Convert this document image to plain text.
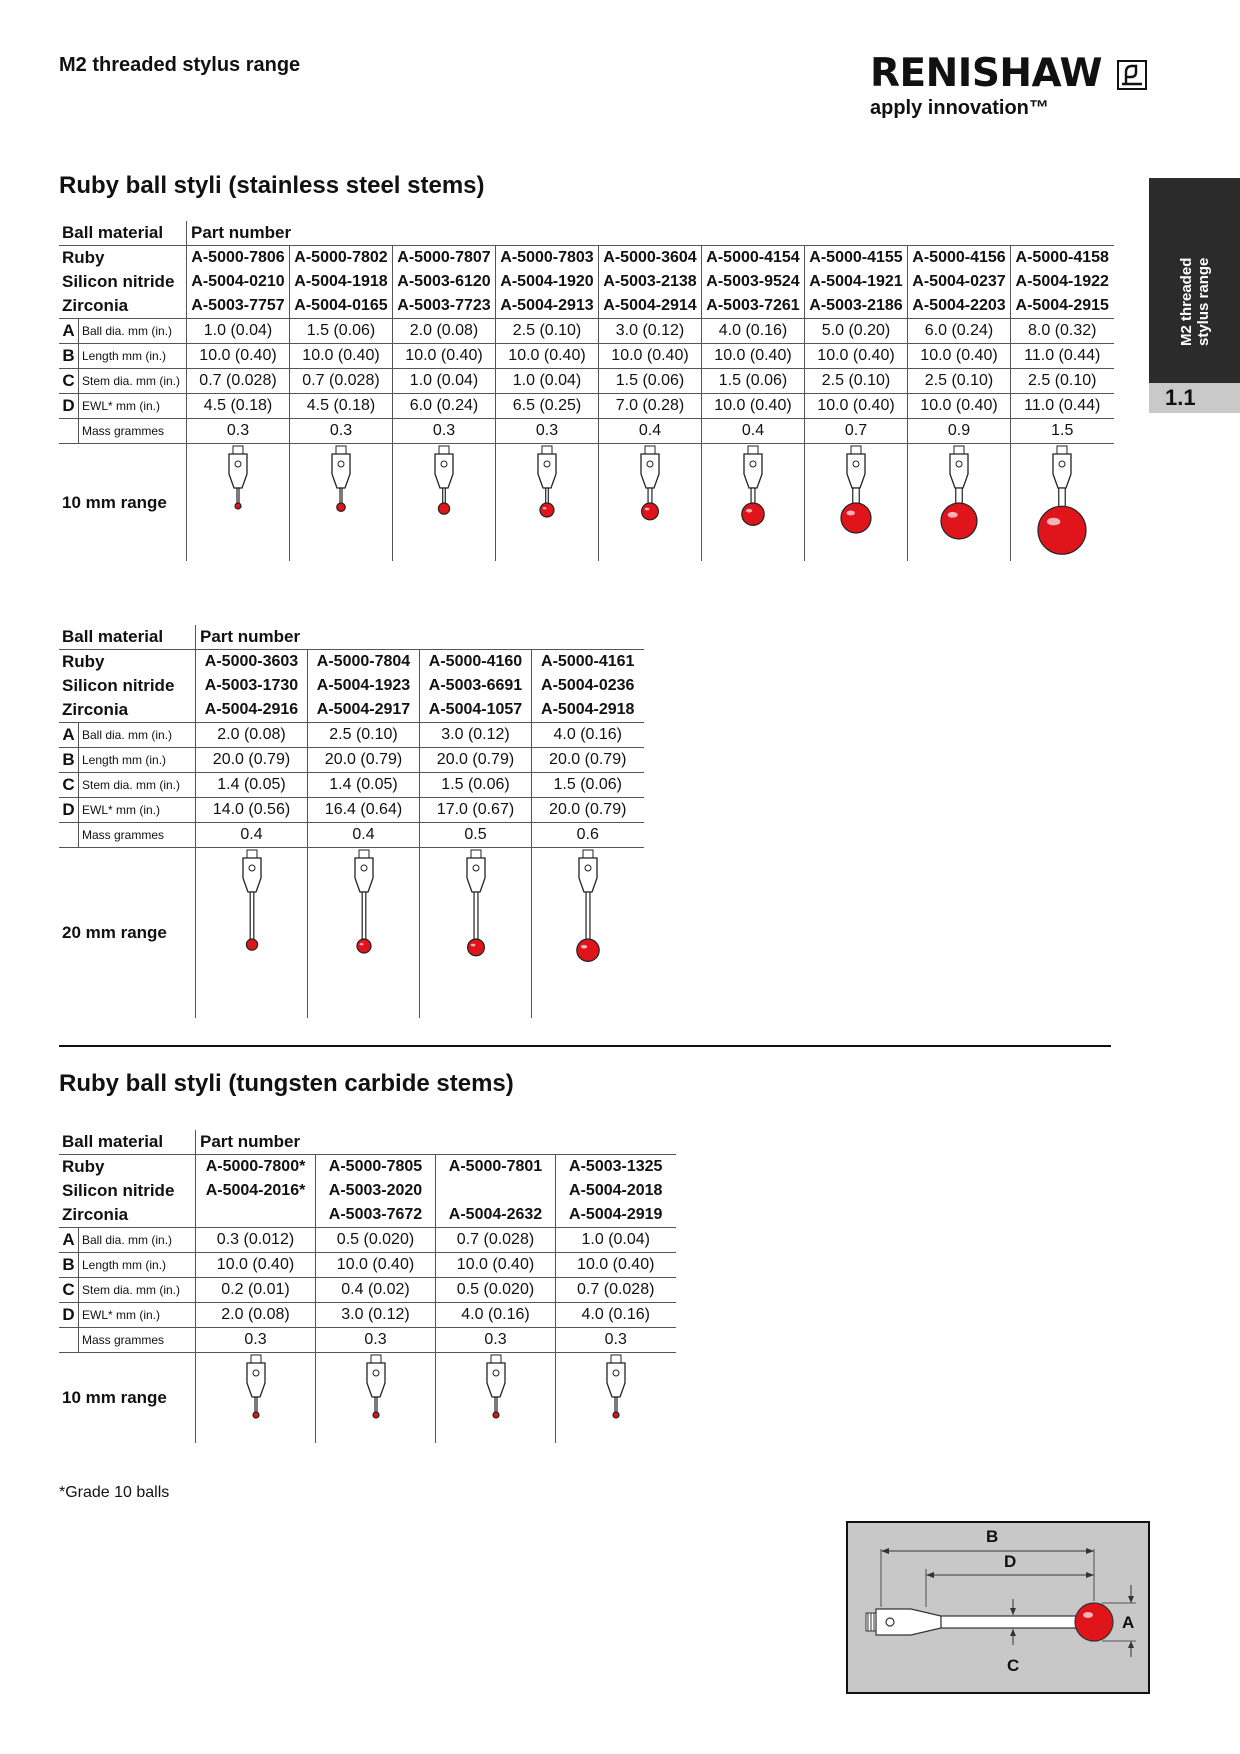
M2 threaded stylus range	RENISHAW
apply innovation™
M2 threaded
stylus range
1.1
Ruby ball styli (stainless steel stems)
Ball material		Part number								
Ruby		A-5000-7806	A-5000-7802	A-5000-7807	A-5000-7803	A-5000-3604	A-5000-4154	A-5000-4155	A-5000-4156	A-5000-4158
Silicon nitride		A-5004-0210	A-5004-1918	A-5003-6120	A-5004-1920	A-5003-2138	A-5003-9524	A-5004-1921	A-5004-0237	A-5004-1922
Zirconia		A-5003-7757	A-5004-0165	A-5003-7723	A-5004-2913	A-5004-2914	A-5003-7261	A-5003-2186	A-5004-2203	A-5004-2915
A	Ball dia. mm (in.)	1.0 (0.04)	1.5 (0.06)	2.0 (0.08)	2.5 (0.10)	3.0 (0.12)	4.0 (0.16)	5.0 (0.20)	6.0 (0.24)	8.0 (0.32)
B	Length mm (in.)	10.0 (0.40)	10.0 (0.40)	10.0 (0.40)	10.0 (0.40)	10.0 (0.40)	10.0 (0.40)	10.0 (0.40)	10.0 (0.40)	11.0 (0.44)
C	Stem dia. mm (in.)	0.7 (0.028)	0.7 (0.028)	1.0 (0.04)	1.0 (0.04)	1.5 (0.06)	1.5 (0.06)	2.5 (0.10)	2.5 (0.10)	2.5 (0.10)
D	EWL* mm (in.)	4.5 (0.18)	4.5 (0.18)	6.0 (0.24)	6.5 (0.25)	7.0 (0.28)	10.0 (0.40)	10.0 (0.40)	10.0 (0.40)	11.0 (0.44)
	Mass grammes	0.3	0.3	0.3	0.3	0.4	0.4	0.7	0.9	1.5
10 mm range	

Ball material		Part number			
Ruby		A-5000-3603	A-5000-7804	A-5000-4160	A-5000-4161
Silicon nitride		A-5003-1730	A-5004-1923	A-5003-6691	A-5004-0236
Zirconia		A-5004-2916	A-5004-2917	A-5004-1057	A-5004-2918
A	Ball dia. mm (in.)	2.0 (0.08)	2.5 (0.10)	3.0 (0.12)	4.0 (0.16)
B	Length mm (in.)	20.0 (0.79)	20.0 (0.79)	20.0 (0.79)	20.0 (0.79)
C	Stem dia. mm (in.)	1.4 (0.05)	1.4 (0.05)	1.5 (0.06)	1.5 (0.06)
D	EWL* mm (in.)	14.0 (0.56)	16.4 (0.64)	17.0 (0.67)	20.0 (0.79)
	Mass grammes	0.4	0.4	0.5	0.6
20 mm range	

Ruby ball styli (tungsten carbide stems)
Ball material		Part number			
Ruby		A-5000-7800*	A-5000-7805	A-5000-7801	A-5003-1325
Silicon nitride		A-5004-2016*	A-5003-2020		A-5004-2018
Zirconia			A-5003-7672	A-5004-2632	A-5004-2919
A	Ball dia. mm (in.)	0.3 (0.012)	0.5 (0.020)	0.7 (0.028)	1.0 (0.04)
B	Length mm (in.)	10.0 (0.40)	10.0 (0.40)	10.0 (0.40)	10.0 (0.40)
C	Stem dia. mm (in.)	0.2 (0.01)	0.4 (0.02)	0.5 (0.020)	0.7 (0.028)
D	EWL* mm (in.)	2.0 (0.08)	3.0 (0.12)	4.0 (0.16)	4.0 (0.16)
	Mass grammes	0.3	0.3	0.3	0.3
10 mm range	

*Grade 10 balls
B
D
C
A
